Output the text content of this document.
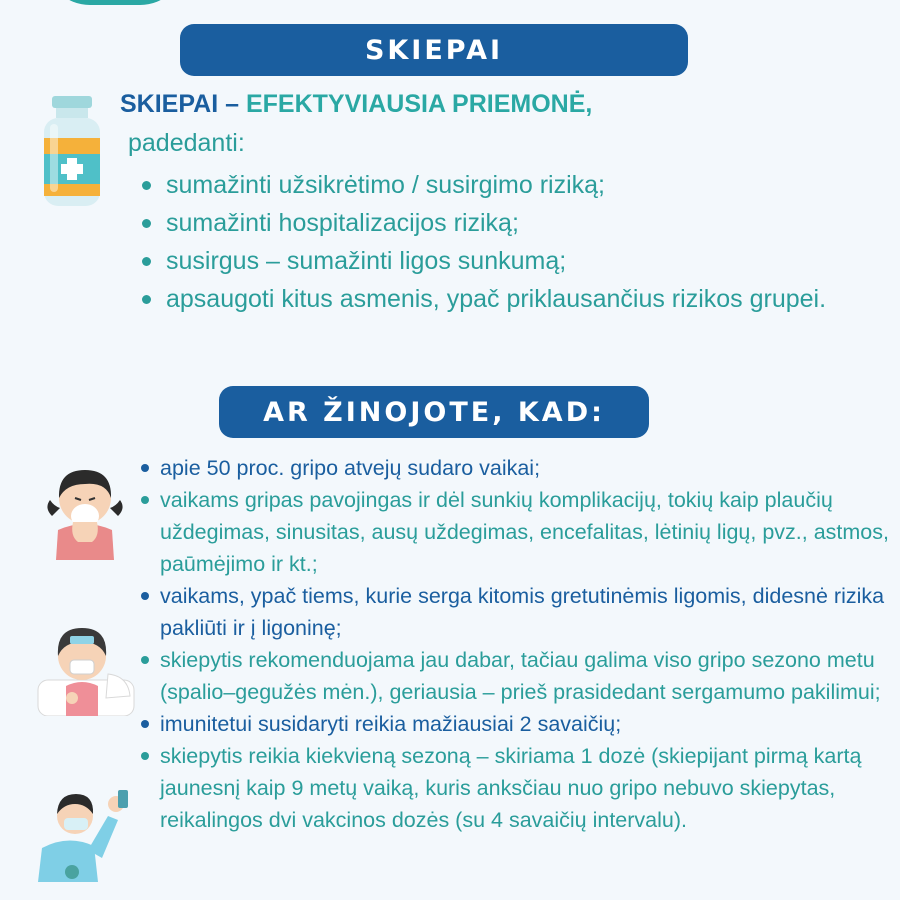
SKIEPAI
SKIEPAI – EFEKTYVIAUSIA PRIEMONĖ,
padedanti:
sumažinti užsikrėtimo / susirgimo riziką;
sumažinti hospitalizacijos riziką;
susirgus – sumažinti ligos sunkumą;
apsaugoti kitus asmenis, ypač priklausančius rizikos grupei.
AR ŽINOJOTE, KAD:
apie 50 proc. gripo atvejų sudaro vaikai;
vaikams gripas pavojingas ir dėl sunkių komplikacijų, tokių kaip plaučių uždegimas, sinusitas, ausų uždegimas, encefalitas, lėtinių ligų, pvz., astmos, paūmėjimo ir kt.;
vaikams, ypač tiems, kurie serga kitomis gretutinėmis ligomis, didesnė rizika pakliūti ir į ligoninę;
skiepytis rekomenduojama jau dabar, tačiau galima viso gripo sezono metu (spalio–gegužės mėn.), geriausia – prieš prasidedant sergamumo pakilimui;
imunitetui susidaryti reikia mažiausiai 2 savaičių;
skiepytis reikia kiekvieną sezoną – skiriama 1 dozė (skiepijant pirmą kartą jaunesnį kaip 9 metų vaiką, kuris anksčiau nuo gripo nebuvo skiepytas, reikalingos dvi vakcinos dozės (su 4 savaičių intervalu).
